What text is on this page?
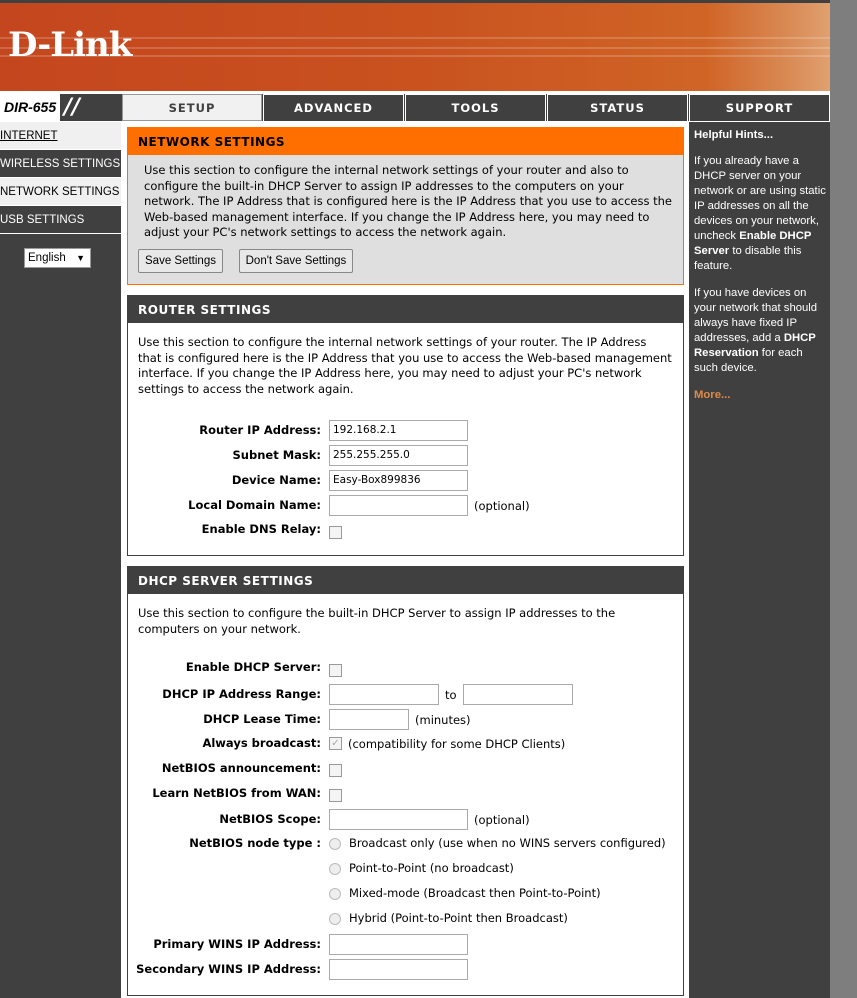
D-Link
DIR-655 //	SETUP	ADVANCED	TOOLS	STATUS	SUPPORT
INTERNET
WIRELESS SETTINGS
NETWORK SETTINGS
USB SETTINGS
English ▼
NETWORK SETTINGS
Use this section to configure the internal network settings of your router and also to configure the built-in DHCP Server to assign IP addresses to the computers on your network. The IP Address that is configured here is the IP Address that you use to access the Web-based management interface. If you change the IP Address here, you may need to adjust your PC's network settings to access the network again.
Save Settings	Don't Save Settings
ROUTER SETTINGS
Use this section to configure the internal network settings of your router. The IP Address that is configured here is the IP Address that you use to access the Web-based management interface. If you change the IP Address here, you may need to adjust your PC's network settings to access the network again.
Router IP Address:	192.168.2.1
Subnet Mask:	255.255.255.0
Device Name:	Easy-Box899836
Local Domain Name:	(optional)
Enable DNS Relay:
DHCP SERVER SETTINGS
Use this section to configure the built-in DHCP Server to assign IP addresses to the computers on your network.
Enable DHCP Server:
DHCP IP Address Range:	to
DHCP Lease Time:	(minutes)
Always broadcast: ✓ (compatibility for some DHCP Clients)
NetBIOS announcement:
Learn NetBIOS from WAN:
NetBIOS Scope:	(optional)
NetBIOS node type :	Broadcast only (use when no WINS servers configured)
Point-to-Point (no broadcast)
Mixed-mode (Broadcast then Point-to-Point)
Hybrid (Point-to-Point then Broadcast)
Primary WINS IP Address:
Secondary WINS IP Address:
Helpful Hints...

If you already have a DHCP server on your network or are using static IP addresses on all the devices on your network, uncheck Enable DHCP Server to disable this feature.

If you have devices on your network that should always have fixed IP addresses, add a DHCP Reservation for each such device.

More...
